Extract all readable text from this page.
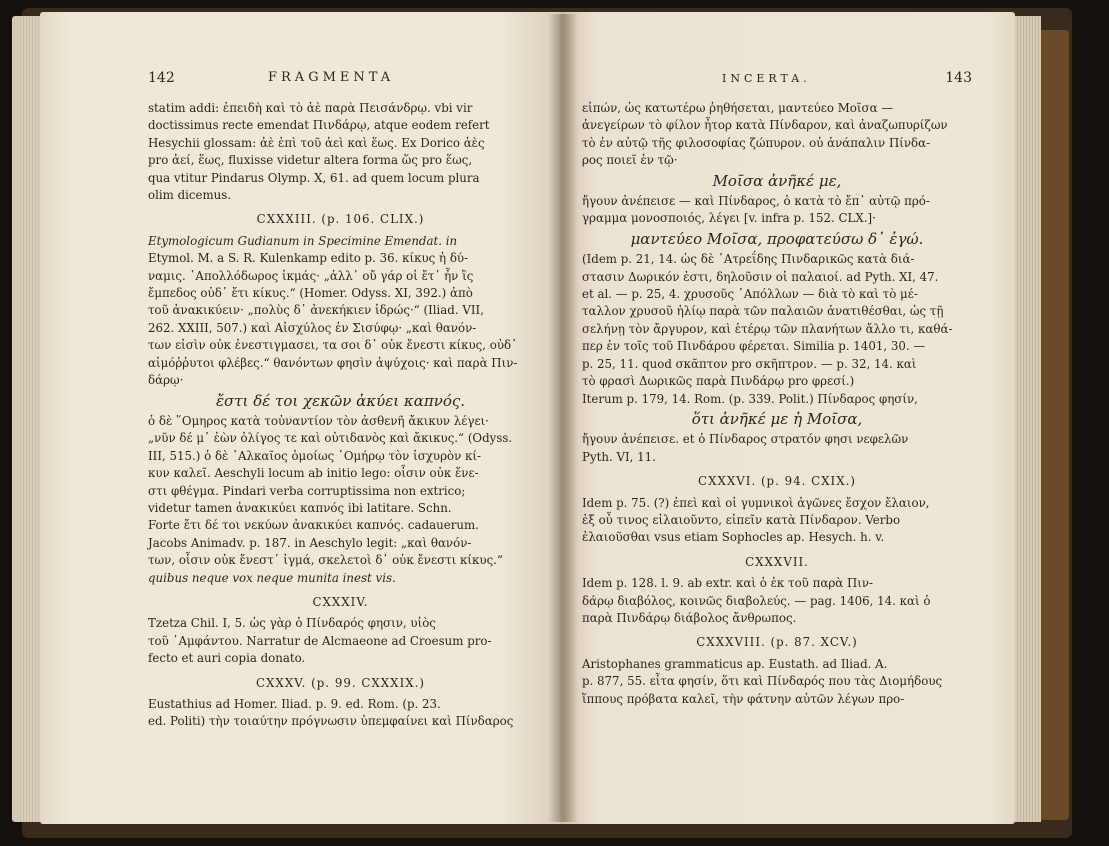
142	FRAGMENTA

statim addi: ἐπειδὴ καὶ τὸ ἀὲ παρὰ Πεισάνδρῳ. vbi vir

doctissimus recte emendat Πινδάρῳ, atque eodem refert

Hesychii glossam: ἀὲ ἐπὶ τοῦ ἀεὶ καὶ ἕως. Ex Dorico ἀὲς

pro ἀεί, ἕως, fluxisse videtur altera forma ὥς pro ἕως,

qua vtitur Pindarus Olymp. X, 61. ad quem locum plura

olim dicemus.

CXXXIII. (p. 106. CLIX.)

Etymologicum Gudianum in Specimine Emendat. in

Etymol. M. a S. R. Kulenkamp edito p. 36. κίκυς ἡ δύ-

ναμις. ᾿Απολλόδωρος ἰκμάς· „ἀλλ᾿ οὔ γάρ οἱ ἔτ᾿ ἦν ἲς

ἔμπεδος οὐδ᾿ ἔτι κίκυς.“ (Homer. Odyss. XI, 392.) ἀπὸ

τοῦ ἀνακικύειν· „πολὺς δ᾿ ἀνεκήκιεν ἱδρώς·“ (Iliad. VII,

262. XXIII, 507.) καὶ Αἰσχύλος ἐν Σισύφῳ· „καὶ θανόν-

των εἰσὶν οὐκ ἐνεστιγμασει, τα σοι δ᾿ οὐκ ἔνεστι κίκυς, οὐδ᾿

αἱμόῤῥυτοι φλέβες.“ θανόντων φησὶν ἀψύχοις· καὶ παρὰ Πιν-

δάρῳ·

ἔστι δέ τοι χεκῶν ἀκύει καπνός.

ὁ δὲ ῞Ομηρος κατὰ τοὐναντίον τὸν ἀσθενῆ ἄκικυν λέγει·

„νῦν δέ μ᾿ ἐὼν ὀλίγος τε καὶ οὐτιδανὸς καὶ ἄκικυς.“ (Odyss.

III, 515.) ὁ δὲ ᾿Αλκαῖος ὁμοίως ῾Ομήρῳ τὸν ἰσχυρὸν κί-

κυν καλεῖ. Aeschyli locum ab initio lego: οἷσιν οὐκ ἔνε-

στι φθέγμα. Pindari verba corruptissima non extrico;

videtur tamen ἀνακικύει καπνός ibi latitare. Schn.

Forte ἔτι δέ τοι νεκύων ἀνακικύει καπνός. cadauerum.

Jacobs Animadv. p. 187. in Aeschylo legit: „καὶ θανόν-

των, οἷσιν οὐκ ἔνεστ᾿ ἰγμά, σκελετοὶ δ᾿ οὐκ ἔνεστι κίκυς.“

quibus neque vox neque munita inest vis.

CXXXIV.

Tzetza Chil. I, 5. ὡς γὰρ ὁ Πίνδαρός φησιν, υἱὸς

τοῦ ᾿Αμφάντου. Narratur de Alcmaeone ad Croesum pro-

fecto et auri copia donato.

CXXXV. (p. 99. CXXXIX.)

Eustathius ad Homer. Iliad. p. 9. ed. Rom. (p. 23.

ed. Politi) τὴν τοιαύτην πρόγνωσιν ὑπεμφαίνει καὶ Πίνδαρος

INCERTA.	143

εἰπών, ὡς κατωτέρω ῥηθήσεται, μαντεύεο Μοῖσα —

ἀνεγείρων τὸ φίλον ἦτορ κατὰ Πίνδαρον, καὶ ἀναζωπυρίζων

τὸ ἐν αὐτῷ τῆς φιλοσοφίας ζώπυρον. οὐ ἀνάπαλιν Πίνδα-

ρος ποιεῖ ἐν τῷ·

Μοῖσα ἀνῆκέ με,

ἤγουν ἀνέπεισε — καὶ Πίνδαρος, ὁ κατὰ τὸ ἔπ᾿ αὐτῷ πρό-

γραμμα μονοσποιός, λέγει [v. infra p. 152. CLX.]·

μαντεύεο Μοῖσα, προφατεύσω δ᾿ ἐγώ.

(Idem p. 21, 14. ὡς δὲ ᾿Ατρεΐδης Πινδαρικῶς κατὰ διά-

στασιν Δωρικόν ἐστι, δηλοῦσιν οἱ παλαιοί. ad Pyth. XI, 47.

et al. — p. 25, 4. χρυσοῦς ᾿Απόλλων — διὰ τὸ καὶ τὸ μέ-

ταλλον χρυσοῦ ἡλίῳ παρὰ τῶν παλαιῶν ἀνατιθέσθαι, ὡς τῇ

σελήνῃ τὸν ἄργυρον, καὶ ἑτέρῳ τῶν πλανήτων ἄλλο τι, καθά-

περ ἐν τοῖς τοῦ Πινδάρου φέρεται. Similia p. 1401, 30. —

p. 25, 11. quod σκᾶπτον pro σκῆπτρον. — p. 32, 14. καὶ

τὸ φρασὶ Δωρικῶς παρὰ Πινδάρῳ pro φρεσί.)

Iterum p. 179, 14. Rom. (p. 339. Polit.) Πίνδαρος φησίν,

ὅτι ἀνῆκέ με ἡ Μοῖσα,

ἤγουν ἀνέπεισε. et ὁ Πίνδαρος στρατόν φησι νεφελῶν

Pyth. VI, 11.

CXXXVI. (p. 94. CXIX.)

Idem p. 75. (?) ἐπεὶ καὶ οἱ γυμνικοὶ ἀγῶνες ἔσχον ἔλαιον,

ἐξ οὗ τινος εἰλαιοῦντο, εἰπεῖν κατὰ Πίνδαρον. Verbo

ἐλαιοῦσθαι vsus etiam Sophocles ap. Hesych. h. v.

CXXXVII.

Idem p. 128. l. 9. ab extr. καὶ ὁ ἐκ τοῦ παρὰ Πιν-

δάρῳ διαβόλος, κοινῶς διαβολεύς. — pag. 1406, 14. καὶ ὁ

παρὰ Πινδάρῳ διάβολος ἄνθρωπος.

CXXXVIII. (p. 87. XCV.)

Aristophanes grammaticus ap. Eustath. ad Iliad. Α.

p. 877, 55. εἶτα φησίν, ὅτι καὶ Πίνδαρός που τὰς Διομήδους

ἵππους πρόβατα καλεῖ, τὴν φάτνην αὐτῶν λέγων προ-
